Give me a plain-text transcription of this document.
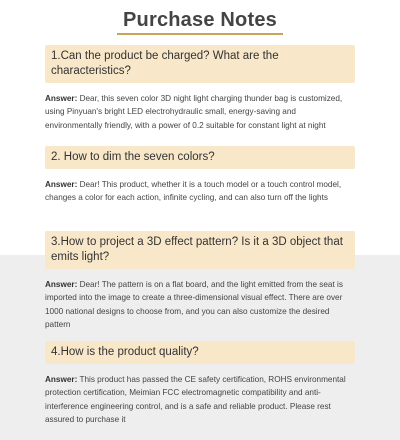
Purchase Notes
1.Can the product be charged? What are the characteristics?
Answer: Dear, this seven color 3D night light charging thunder bag is customized, using Pinyuan's bright LED electrohydraulic small, energy-saving and environmentally friendly, with a power of 0.2 suitable for constant light at night
2. How to dim the seven colors?
Answer: Dear! This product, whether it is a touch model or a touch control model, changes a color for each action, infinite cycling, and can also turn off the lights
3.How to project a 3D effect pattern? Is it a 3D object that emits light?
Answer: Dear! The pattern is on a flat board, and the light emitted from the seat is imported into the image to create a three-dimensional visual effect. There are over 1000 national designs to choose from, and you can also customize the desired pattern
4.How is the product quality?
Answer: This product has passed the CE safety certification, ROHS environmental protection certification, Meimian FCC electromagnetic compatibility and anti-interference engineering control, and is a safe and reliable product. Please rest assured to purchase it
